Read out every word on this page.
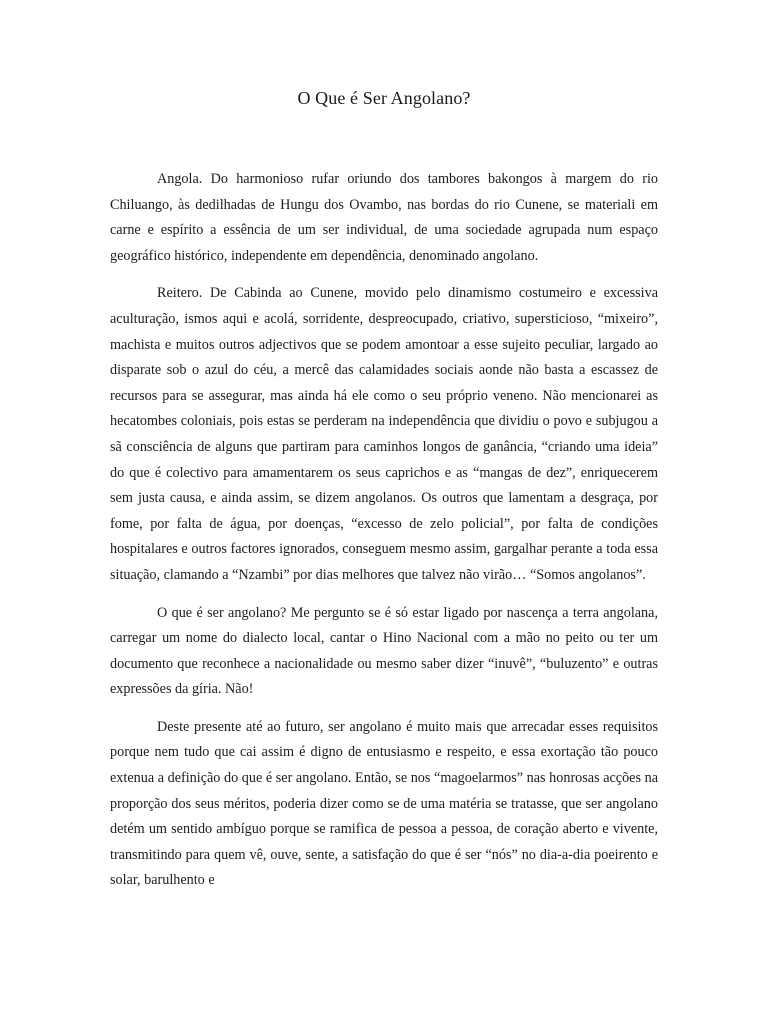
O Que é Ser Angolano?

Angola. Do harmonioso rufar oriundo dos tambores bakongos à margem do rio Chiluango, às dedilhadas de Hungu dos Ovambo, nas bordas do rio Cunene, se materiali em carne e espírito a essência de um ser individual, de uma sociedade agrupada num espaço geográfico histórico, independente em dependência, denominado angolano.

Reitero. De Cabinda ao Cunene, movido pelo dinamismo costumeiro e excessiva aculturação, ismos aqui e acolá, sorridente, despreocupado, criativo, supersticioso, “mixeiro”, machista e muitos outros adjectivos que se podem amontoar a esse sujeito peculiar, largado ao disparate sob o azul do céu, a mercê das calamidades sociais aonde não basta a escassez de recursos para se assegurar, mas ainda há ele como o seu próprio veneno. Não mencionarei as hecatombes coloniais, pois estas se perderam na independência que dividiu o povo e subjugou a sã consciência de alguns que partiram para caminhos longos de ganância, “criando uma ideia” do que é colectivo para amamentarem os seus caprichos e as “mangas de dez”, enriquecerem sem justa causa, e ainda assim, se dizem angolanos. Os outros que lamentam a desgraça, por fome, por falta de água, por doenças, “excesso de zelo policial”, por falta de condições hospitalares e outros factores ignorados, conseguem mesmo assim, gargalhar perante a toda essa situação, clamando a “Nzambi” por dias melhores que talvez não virão… “Somos angolanos”.

O que é ser angolano? Me pergunto se é só estar ligado por nascença a terra angolana, carregar um nome do dialecto local, cantar o Hino Nacional com a mão no peito ou ter um documento que reconhece a nacionalidade ou mesmo saber dizer “inuvê”, “buluzento” e outras expressões da gíria. Não!

Deste presente até ao futuro, ser angolano é muito mais que arrecadar esses requisitos porque nem tudo que cai assim é digno de entusiasmo e respeito, e essa exortação tão pouco extenua a definição do que é ser angolano. Então, se nos “magoelarmos” nas honrosas acções na proporção dos seus méritos, poderia dizer como se de uma matéria se tratasse, que ser angolano detém um sentido ambíguo porque se ramifica de pessoa a pessoa, de coração aberto e vivente, transmitindo para quem vê, ouve, sente, a satisfação do que é ser “nós” no dia-a-dia poeirento e solar, barulhento e
